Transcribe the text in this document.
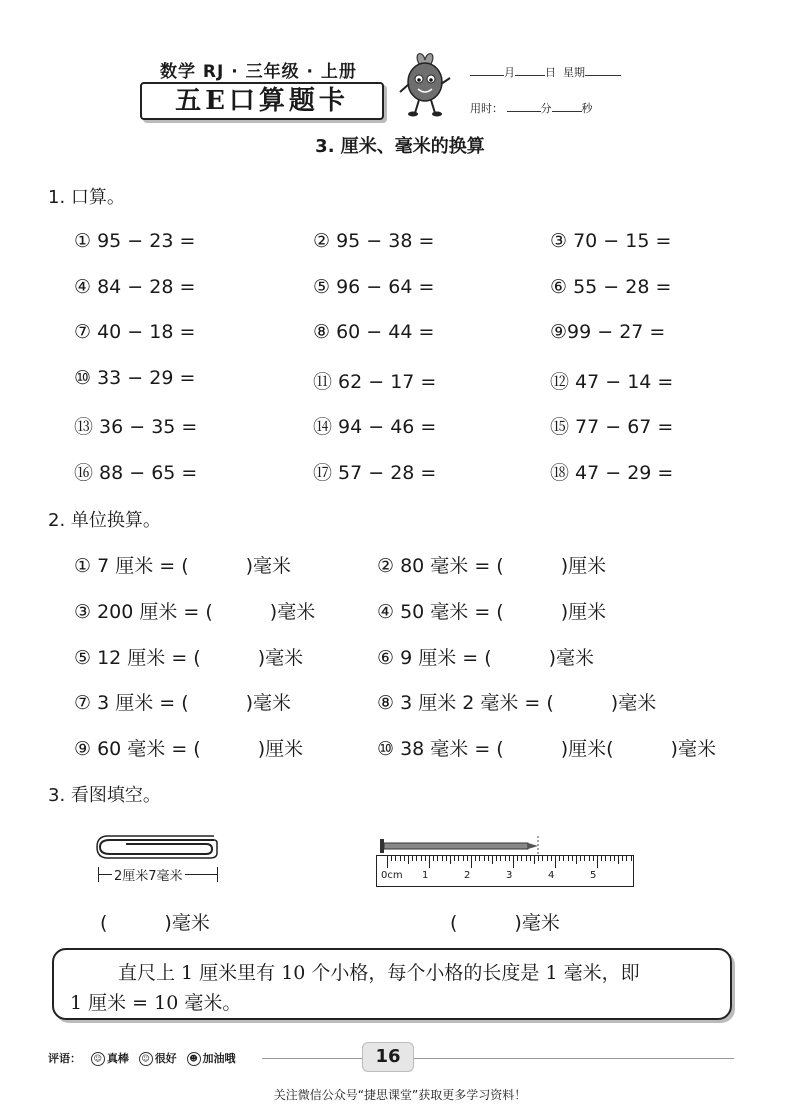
数学 RJ · 三年级 · 上册
五E口算题卡
月	日 星期
用时：	分	秒
3. 厘米、毫米的换算
1. 口算。
① 95 − 23 =	② 95 − 38 =	③ 70 − 15 =
④ 84 − 28 =	⑤ 96 − 64 =	⑥ 55 − 28 =
⑦ 40 − 18 =	⑧ 60 − 44 =	⑨99 − 27 =
⑩ 33 − 29 =	⑪ 62 − 17 =	⑫ 47 − 14 =
⑬ 36 − 35 =	⑭ 94 − 46 =	⑮ 77 − 67 =
⑯ 88 − 65 =	⑰ 57 − 28 =	⑱ 47 − 29 =
2. 单位换算。
① 7 厘米 = (　　　)毫米	② 80 毫米 = (　　　)厘米
③ 200 厘米 = (　　　)毫米	④ 50 毫米 = (　　　)厘米
⑤ 12 厘米 = (　　　)毫米	⑥ 9 厘米 = (　　　)毫米
⑦ 3 厘米 = (　　　)毫米	⑧ 3 厘米 2 毫米 = (　　　)毫米
⑨ 60 毫米 = (　　　)厘米	⑩ 38 毫米 = (　　　)厘米(　　　)毫米
3. 看图填空。
2厘米7毫米	0cm 1	2	3	4	5
(　　　)毫米	(　　　)毫米
直尺上 1 厘米里有 10 个小格，每个小格的长度是 1 毫米，即
1 厘米 = 10 毫米。
评语： ☺ 真棒 ☺ 很好 ☻ 加油哦	16
关注微信公众号“捷思课堂”获取更多学习资料！
